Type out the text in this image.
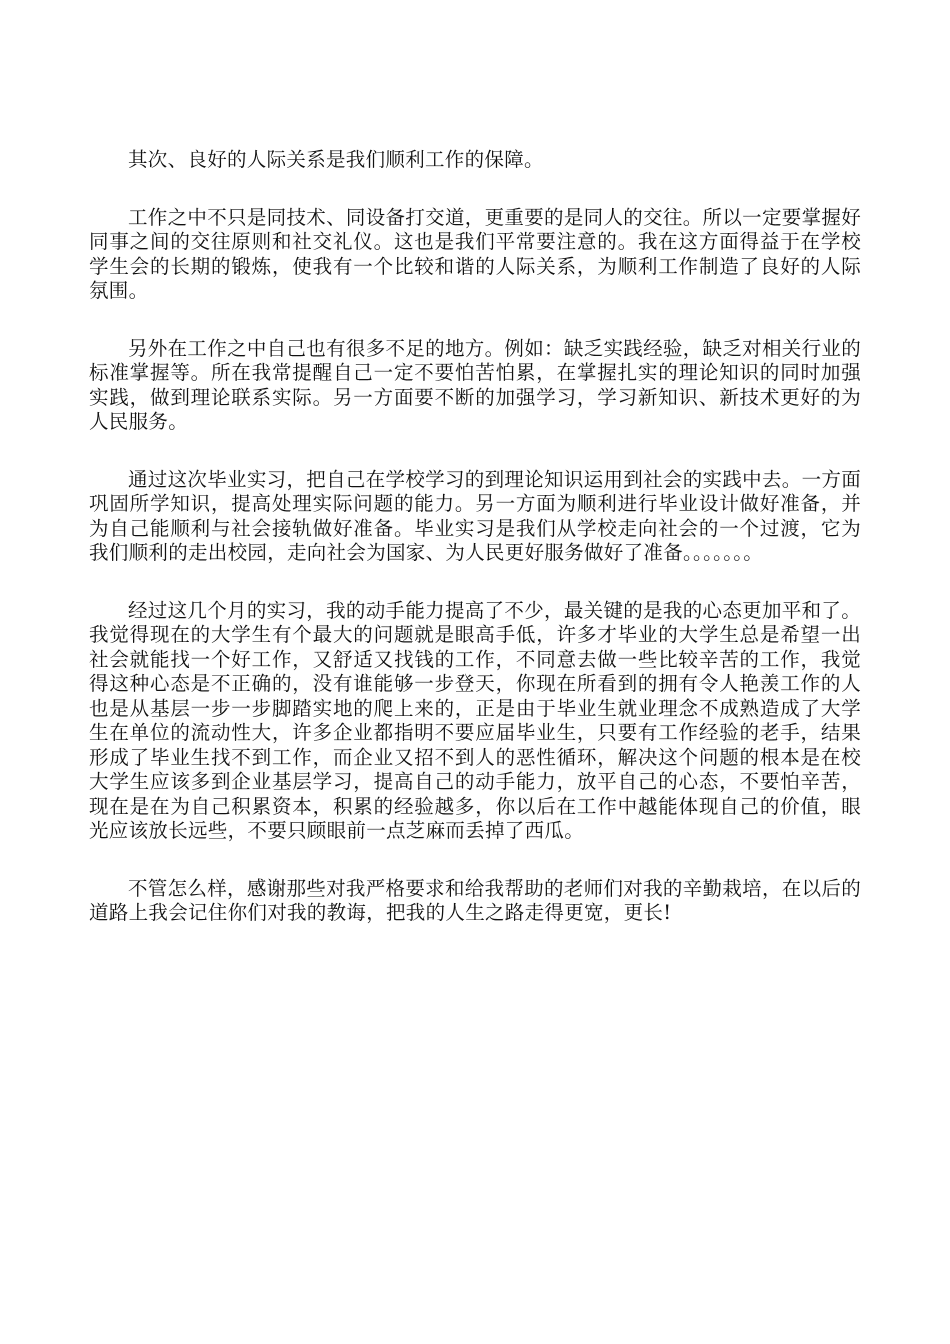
其次、良好的人际关系是我们顺利工作的保障。

工作之中不只是同技术、同设备打交道，更重要的是同人的交往。所以一定要掌握好同事之间的交往原则和社交礼仪。这也是我们平常要注意的。我在这方面得益于在学校学生会的长期的锻炼，使我有一个比较和谐的人际关系，为顺利工作制造了良好的人际氛围。

另外在工作之中自己也有很多不足的地方。例如：缺乏实践经验，缺乏对相关行业的标准掌握等。所在我常提醒自己一定不要怕苦怕累，在掌握扎实的理论知识的同时加强实践，做到理论联系实际。另一方面要不断的加强学习，学习新知识、新技术更好的为人民服务。

通过这次毕业实习，把自己在学校学习的到理论知识运用到社会的实践中去。一方面巩固所学知识，提高处理实际问题的能力。另一方面为顺利进行毕业设计做好准备，并为自己能顺利与社会接轨做好准备。毕业实习是我们从学校走向社会的一个过渡，它为我们顺利的走出校园，走向社会为国家、为人民更好服务做好了准备。。。。。。。

经过这几个月的实习，我的动手能力提高了不少，最关键的是我的心态更加平和了。我觉得现在的大学生有个最大的问题就是眼高手低，许多才毕业的大学生总是希望一出社会就能找一个好工作，又舒适又找钱的工作，不同意去做一些比较辛苦的工作，我觉得这种心态是不正确的，没有谁能够一步登天，你现在所看到的拥有令人艳羡工作的人也是从基层一步一步脚踏实地的爬上来的，正是由于毕业生就业理念不成熟造成了大学生在单位的流动性大，许多企业都指明不要应届毕业生，只要有工作经验的老手，结果形成了毕业生找不到工作，而企业又招不到人的恶性循环，解决这个问题的根本是在校大学生应该多到企业基层学习，提高自己的动手能力，放平自己的心态，不要怕辛苦，现在是在为自己积累资本，积累的经验越多，你以后在工作中越能体现自己的价值，眼光应该放长远些，不要只顾眼前一点芝麻而丢掉了西瓜。

不管怎么样，感谢那些对我严格要求和给我帮助的老师们对我的辛勤栽培，在以后的道路上我会记住你们对我的教诲，把我的人生之路走得更宽，更长!
